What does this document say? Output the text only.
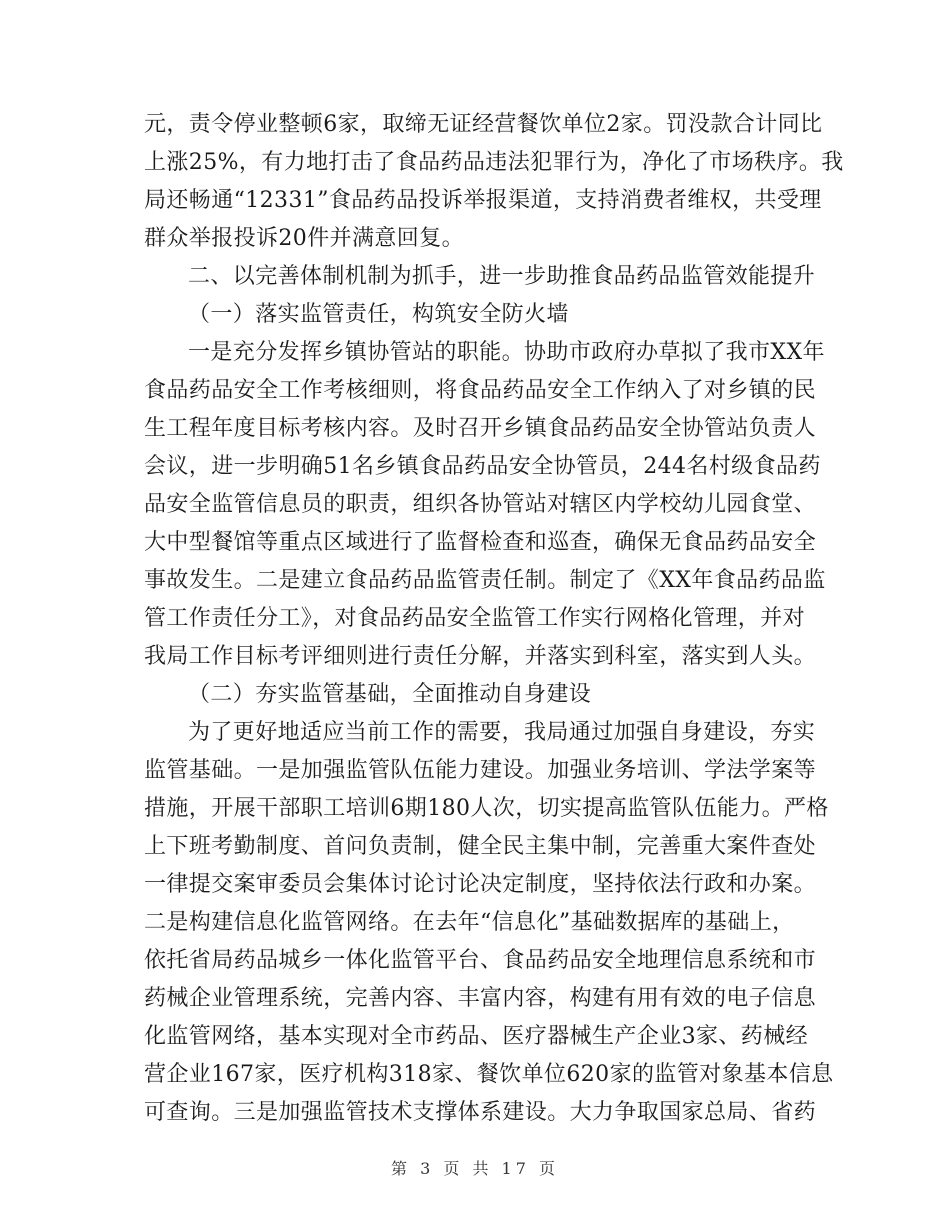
元，责令停业整顿6家，取缔无证经营餐饮单位2家。罚没款合计同比
上涨25%，有力地打击了食品药品违法犯罪行为，净化了市场秩序。我
局还畅通“12331”食品药品投诉举报渠道，支持消费者维权，共受理
群众举报投诉20件并满意回复。
二、以完善体制机制为抓手，进一步助推食品药品监管效能提升
（一）落实监管责任，构筑安全防火墙
一是充分发挥乡镇协管站的职能。协助市政府办草拟了我市XX年
食品药品安全工作考核细则，将食品药品安全工作纳入了对乡镇的民
生工程年度目标考核内容。及时召开乡镇食品药品安全协管站负责人
会议，进一步明确51名乡镇食品药品安全协管员，244名村级食品药
品安全监管信息员的职责，组织各协管站对辖区内学校幼儿园食堂、
大中型餐馆等重点区域进行了监督检查和巡查，确保无食品药品安全
事故发生。二是建立食品药品监管责任制。制定了《XX年食品药品监
管工作责任分工》，对食品药品安全监管工作实行网格化管理，并对
我局工作目标考评细则进行责任分解，并落实到科室，落实到人头。
（二）夯实监管基础，全面推动自身建设
为了更好地适应当前工作的需要，我局通过加强自身建设，夯实
监管基础。一是加强监管队伍能力建设。加强业务培训、学法学案等
措施，开展干部职工培训6期180人次，切实提高监管队伍能力。严格
上下班考勤制度、首问负责制，健全民主集中制，完善重大案件查处
一律提交案审委员会集体讨论讨论决定制度，坚持依法行政和办案。
二是构建信息化监管网络。在去年“信息化”基础数据库的基础上，
依托省局药品城乡一体化监管平台、食品药品安全地理信息系统和市
药械企业管理系统，完善内容、丰富内容，构建有用有效的电子信息
化监管网络，基本实现对全市药品、医疗器械生产企业3家、药械经
营企业167家，医疗机构318家、餐饮单位620家的监管对象基本信息
可查询。三是加强监管技术支撑体系建设。大力争取国家总局、省药
第 3 页 共 17 页
